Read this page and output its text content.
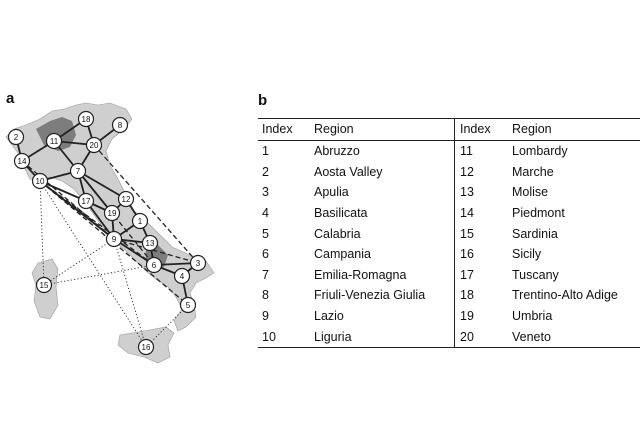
a	b
2
14
10
11
18
8
20
7
17
19
12
1
9	13
6	3
4
5
15
16
Index	Region	Index	Region
1	Abruzzo	11	Lombardy
2	Aosta Valley	12	Marche
3	Apulia	13	Molise
4	Basilicata	14	Piedmont
5	Calabria	15	Sardinia
6	Campania	16	Sicily
7	Emilia-Romagna	17	Tuscany
8	Friuli-Venezia Giulia	18	Trentino-Alto Adige
9	Lazio	19	Umbria
10	Liguria	20	Veneto
